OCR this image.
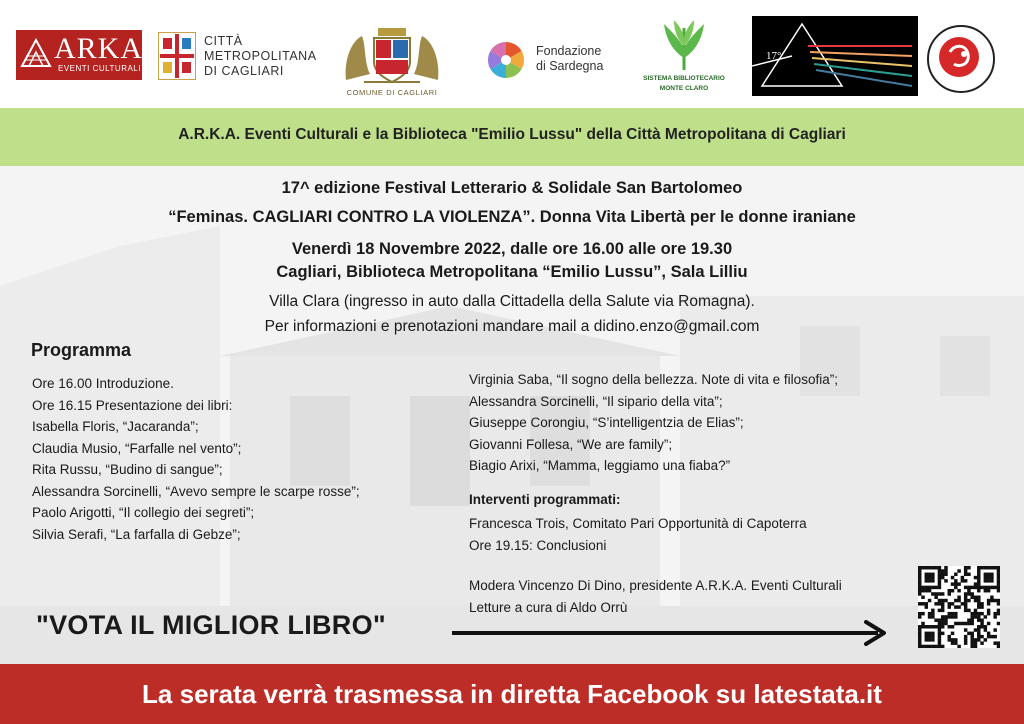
ARKA
EVENTI CULTURALI
CITTÀ
METROPOLITANA
DI CAGLIARI
COMUNE DI CAGLIARI
Fondazione
di Sardegna
SISTEMA BIBLIOTECARIO
MONTE CLARO
17°
A.R.K.A. Eventi Culturali e la Biblioteca "Emilio Lussu" della Città Metropolitana di Cagliari
17^ edizione Festival Letterario & Solidale San Bartolomeo
“Feminas. CAGLIARI CONTRO LA VIOLENZA”. Donna Vita Libertà per le donne iraniane
Venerdì 18 Novembre 2022, dalle ore 16.00 alle ore 19.30
Cagliari, Biblioteca Metropolitana “Emilio Lussu”, Sala Lilliu
Villa Clara (ingresso in auto dalla Cittadella della Salute via Romagna).
Per informazioni e prenotazioni mandare mail a didino.enzo@gmail.com
Programma
Ore 16.00 Introduzione.
Ore 16.15 Presentazione dei libri:
Isabella Floris, “Jacaranda”;
Claudia Musio, “Farfalle nel vento”;
Rita Russu, “Budino di sangue”;
Alessandra Sorcinelli, “Avevo sempre le scarpe rosse”;
Paolo Arigotti, “Il collegio dei segreti”;
Silvia Serafi, “La farfalla di Gebze”;
Virginia Saba, “Il sogno della bellezza. Note di vita e filosofia”;
Alessandra Sorcinelli, “Il sipario della vita”;
Giuseppe Corongiu, “S’intelligentzia de Elias”;
Giovanni Follesa, “We are family”;
Biagio Arixi, “Mamma, leggiamo una fiaba?”
Interventi programmati:
Francesca Trois, Comitato Pari Opportunità di Capoterra
Ore 19.15: Conclusioni
Modera Vincenzo Di Dino, presidente A.R.K.A. Eventi Culturali
Letture a cura di Aldo Orrù
"VOTA IL MIGLIOR LIBRO"
La serata verrà trasmessa in diretta Facebook su latestata.it
